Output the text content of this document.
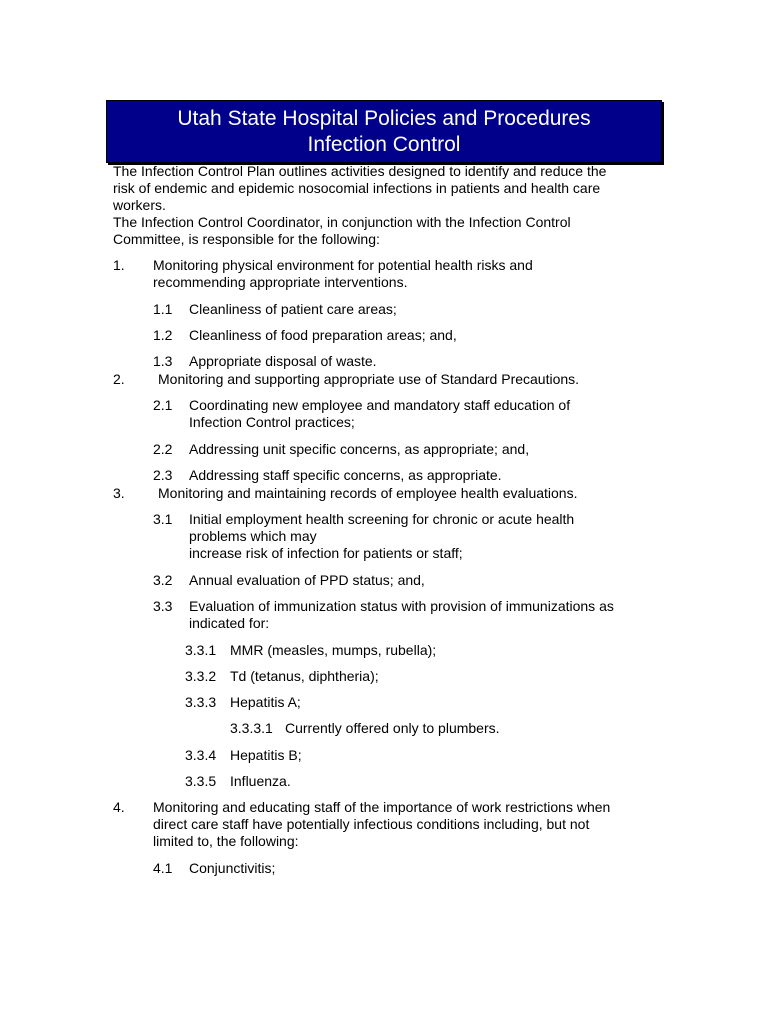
Utah State Hospital Policies and Procedures
Infection Control
The Infection Control Plan outlines activities designed to identify and reduce the
risk of endemic and epidemic nosocomial infections in patients and health care
workers.
The Infection Control Coordinator, in conjunction with the Infection Control
Committee, is responsible for the following:
1. Monitoring physical environment for potential health risks and
recommending appropriate interventions.
1.1 Cleanliness of patient care areas;
1.2 Cleanliness of food preparation areas; and,
1.3 Appropriate disposal of waste.
2. Monitoring and supporting appropriate use of Standard Precautions.
2.1 Coordinating new employee and mandatory staff education of
Infection Control practices;
2.2 Addressing unit specific concerns, as appropriate; and,
2.3 Addressing staff specific concerns, as appropriate.
3. Monitoring and maintaining records of employee health evaluations.
3.1 Initial employment health screening for chronic or acute health
problems which may
increase risk of infection for patients or staff;
3.2 Annual evaluation of PPD status; and,
3.3 Evaluation of immunization status with provision of immunizations as
indicated for:
3.3.1 MMR (measles, mumps, rubella);
3.3.2 Td (tetanus, diphtheria);
3.3.3 Hepatitis A;
3.3.3.1 Currently offered only to plumbers.
3.3.4 Hepatitis B;
3.3.5 Influenza.
4. Monitoring and educating staff of the importance of work restrictions when
direct care staff have potentially infectious conditions including, but not
limited to, the following:
4.1 Conjunctivitis;
